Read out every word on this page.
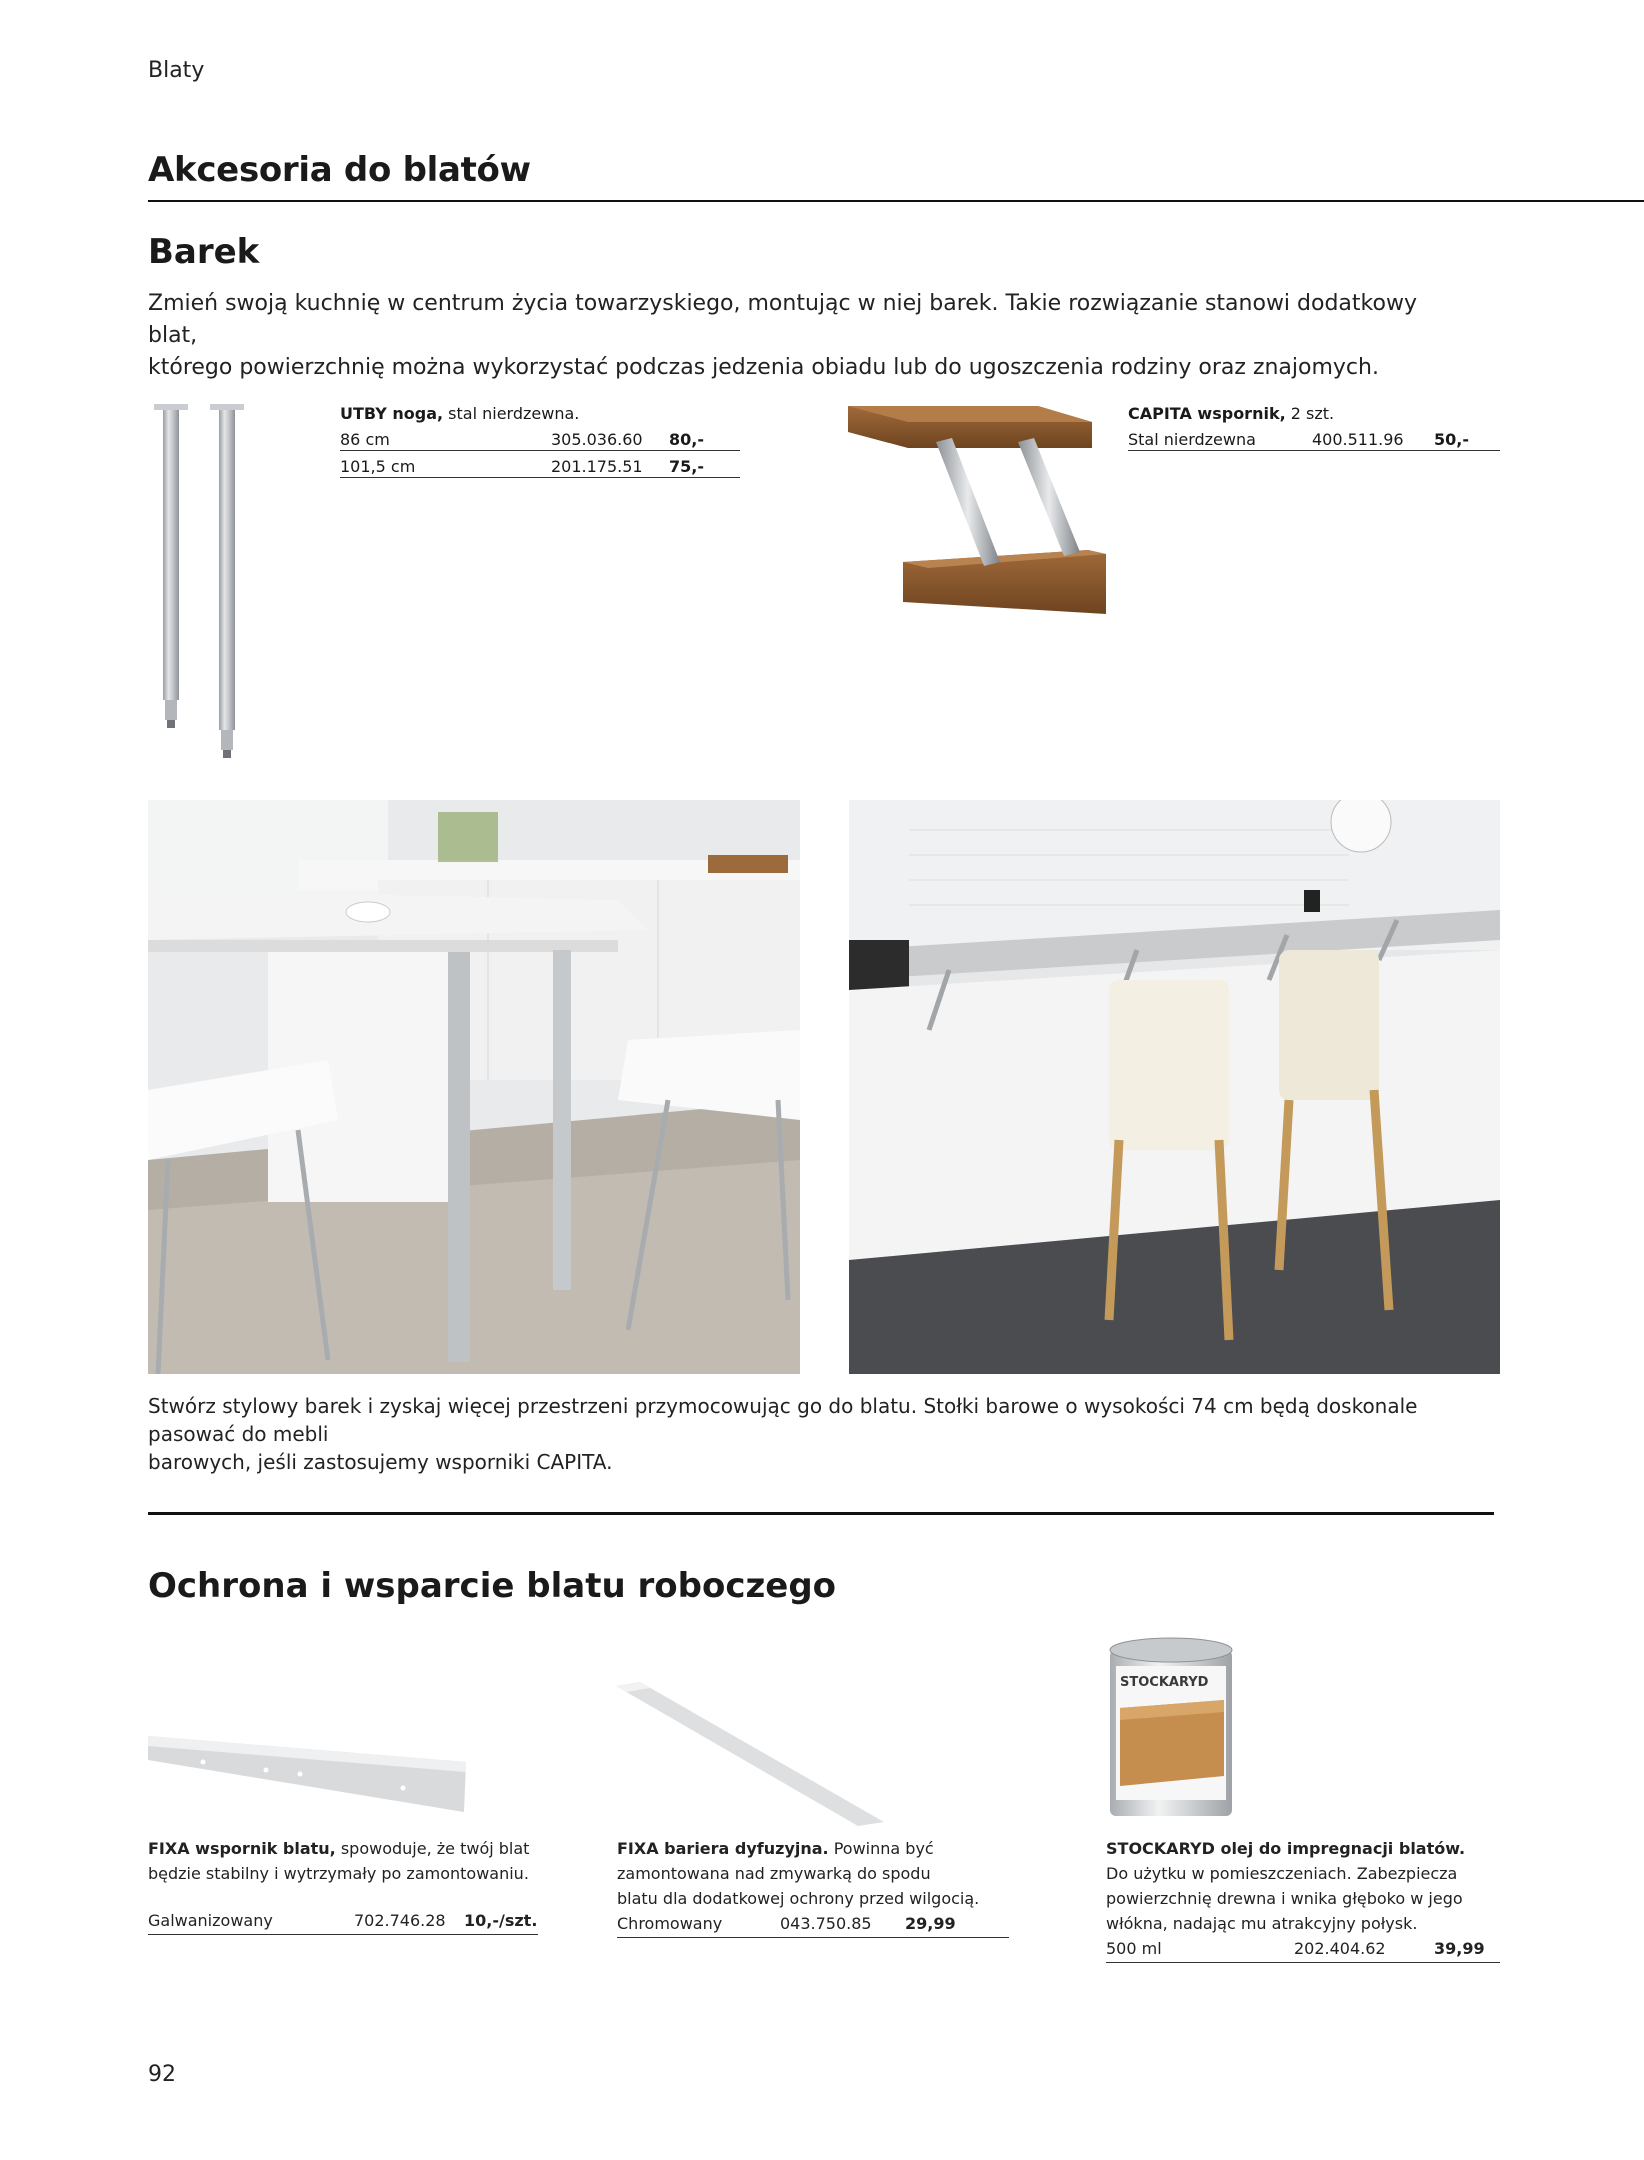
Blaty
Akcesoria do blatów
Barek

Zmień swoją kuchnię w centrum życia towarzyskiego, montując w niej barek. Takie rozwiązanie stanowi dodatkowy blat,

którego powierzchnię można wykorzystać podczas jedzenia obiadu lub do ugoszczenia rodziny oraz znajomych.

UTBY noga, stal nierdzewna.
86 cm	305.036.60	80,-
101,5 cm	201.175.51	75,-
CAPITA wspornik, 2 szt.
Stal nierdzewna	400.511.96	50,-

Stwórz stylowy barek i zyskaj więcej przestrzeni przymocowując go do blatu. Stołki barowe o wysokości 74 cm będą doskonale pasować do mebli

barowych, jeśli zastosujemy wsporniki CAPITA.

Ochrona i wsparcie blatu roboczego

FIXA wspornik blatu, spowoduje, że twój blat

będzie stabilny i wytrzymały po zamontowaniu.

Galwanizowany	702.746.28	10,-/szt.

FIXA bariera dyfuzyjna. Powinna być

zamontowana nad zmywarką do spodu

blatu dla dodatkowej ochrony przed wilgocią.

Chromowany	043.750.85	29,99
STOCKARYD

STOCKARYD olej do impregnacji blatów.

Do użytku w pomieszczeniach. Zabezpiecza

powierzchnię drewna i wnika głęboko w jego

włókna, nadając mu atrakcyjny połysk.

500 ml	202.404.62	39,99
92
